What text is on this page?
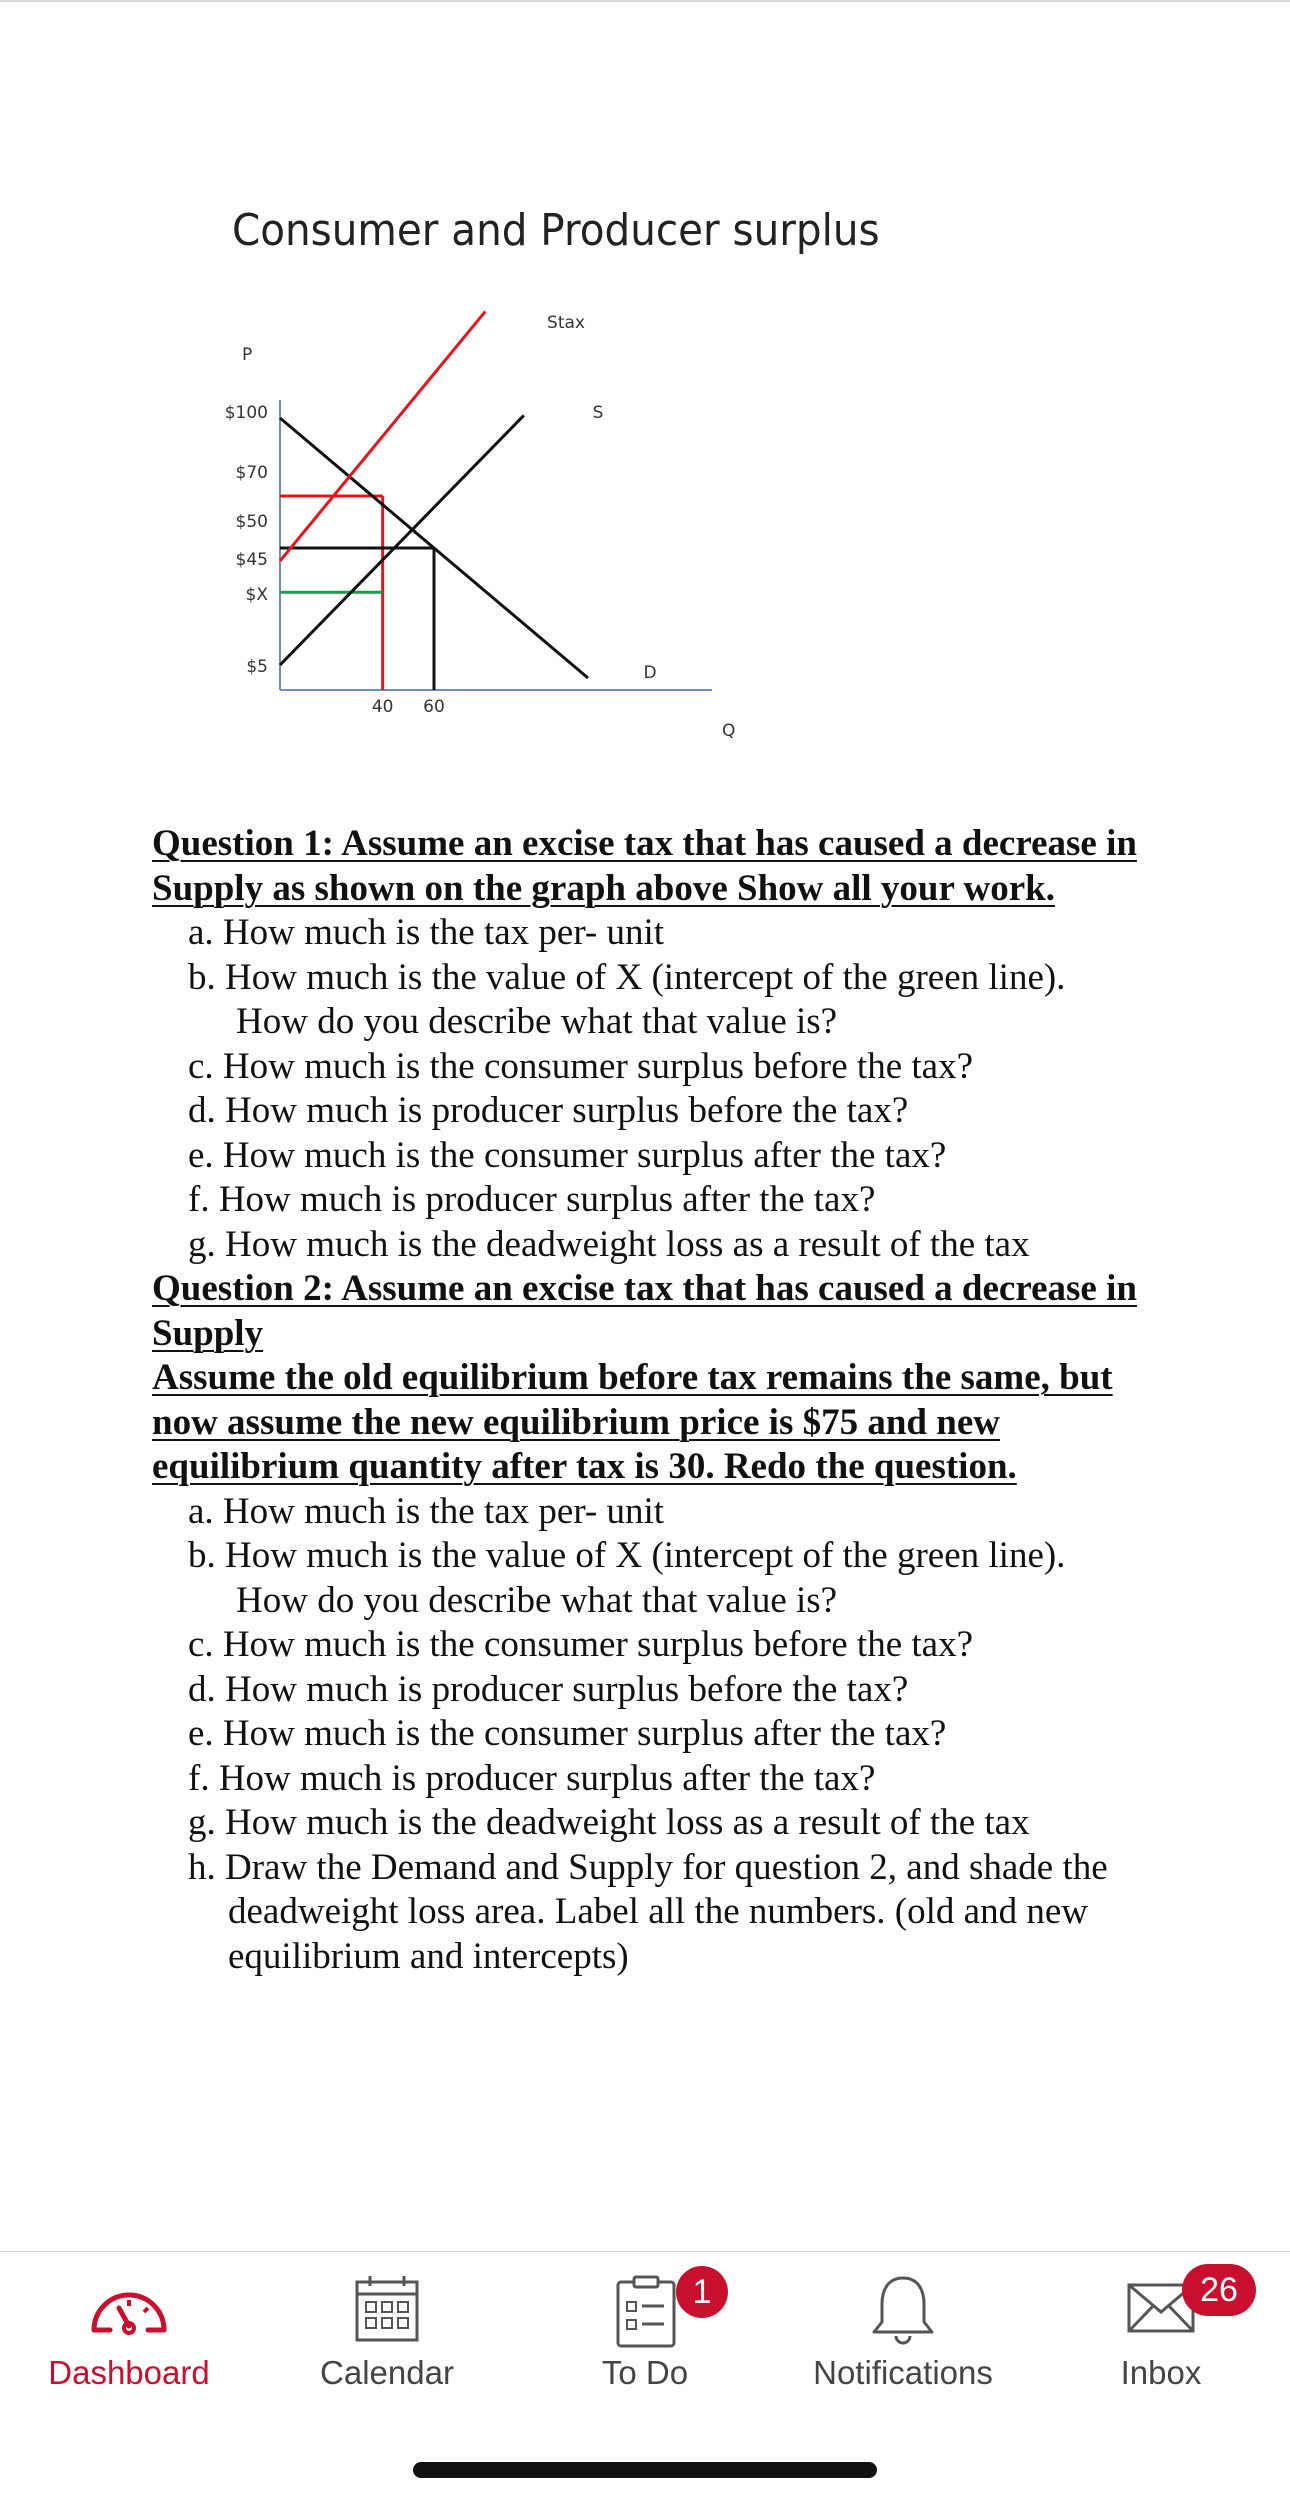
Consumer and Producer surplus
P
Q
$100
$70
$50
$45
$X
$5
40 60
D
S
Stax
Question 1: Assume an excise tax that has caused a decrease in Supply as shown on the graph above Show all your work.
a. How much is the tax per- unit
b. How much is the value of X (intercept of the green line).
How do you describe what that value is?
c. How much is the consumer surplus before the tax?
d. How much is producer surplus before the tax?
e. How much is the consumer surplus after the tax?
f. How much is producer surplus after the tax?
g. How much is the deadweight loss as a result of the tax
Question 2: Assume an excise tax that has caused a decrease in Supply
Assume the old equilibrium before tax remains the same, but now assume the new equilibrium price is $75 and new equilibrium quantity after tax is 30. Redo the question.
a. How much is the tax per- unit
b. How much is the value of X (intercept of the green line).
How do you describe what that value is?
c. How much is the consumer surplus before the tax?
d. How much is producer surplus before the tax?
e. How much is the consumer surplus after the tax?
f. How much is producer surplus after the tax?
g. How much is the deadweight loss as a result of the tax
h. Draw the Demand and Supply for question 2, and shade the deadweight loss area. Label all the numbers. (old and new equilibrium and intercepts)
Dashboard	Calendar
1
To Do	Notifications
26
Inbox
